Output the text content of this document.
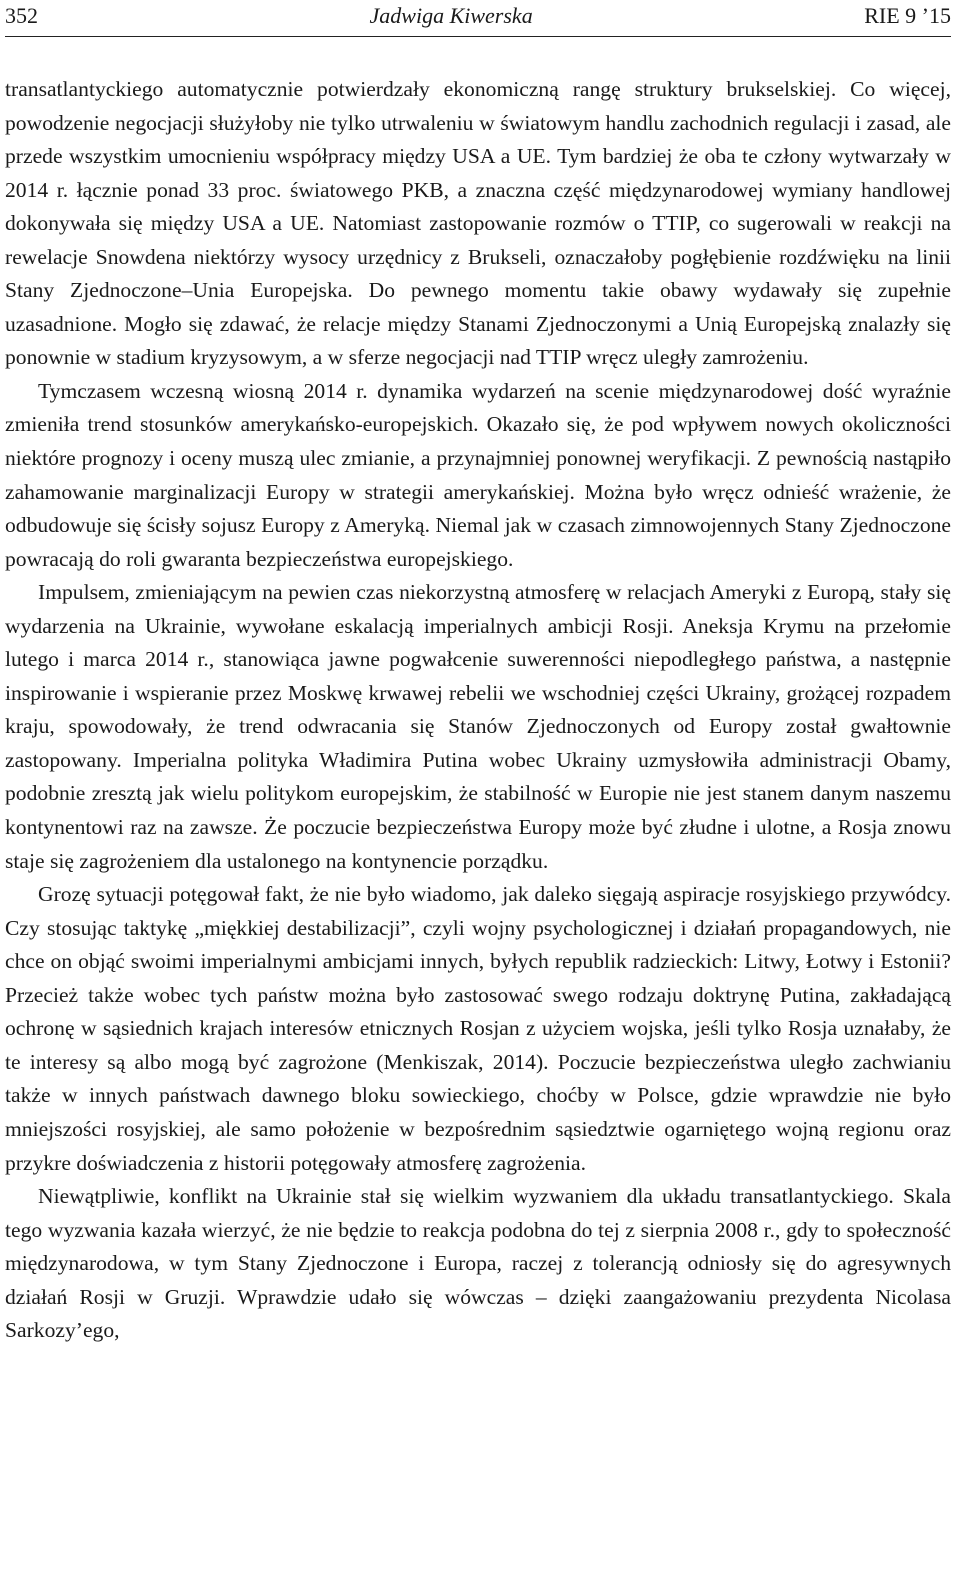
352	Jadwiga Kiwerska	RIE 9 ’15

transatlantyckiego automatycznie potwierdzały ekonomiczną rangę struktury brukselskiej. Co więcej, powodzenie negocjacji służyłoby nie tylko utrwaleniu w światowym handlu zachodnich regulacji i zasad, ale przede wszystkim umocnieniu współpracy między USA a UE. Tym bardziej że oba te człony wytwarzały w 2014 r. łącznie ponad 33 proc. światowego PKB, a znaczna część międzynarodowej wymiany handlowej dokonywała się między USA a UE. Natomiast zastopowanie rozmów o TTIP, co sugerowali w reakcji na rewelacje Snowdena niektórzy wysocy urzędnicy z Brukseli, oznaczałoby pogłębienie rozdźwięku na linii Stany Zjednoczone–Unia Europejska. Do pewnego momentu takie obawy wydawały się zupełnie uzasadnione. Mogło się zdawać, że relacje między Stanami Zjednoczonymi a Unią Europejską znalazły się ponownie w stadium kryzysowym, a w sferze negocjacji nad TTIP wręcz uległy zamrożeniu.

Tymczasem wczesną wiosną 2014 r. dynamika wydarzeń na scenie międzynarodowej dość wyraźnie zmieniła trend stosunków amerykańsko-europejskich. Okazało się, że pod wpływem nowych okoliczności niektóre prognozy i oceny muszą ulec zmianie, a przynajmniej ponownej weryfikacji. Z pewnością nastąpiło zahamowanie marginalizacji Europy w strategii amerykańskiej. Można było wręcz odnieść wrażenie, że odbudowuje się ścisły sojusz Europy z Ameryką. Niemal jak w czasach zimnowojennych Stany Zjednoczone powracają do roli gwaranta bezpieczeństwa europejskiego.

Impulsem, zmieniającym na pewien czas niekorzystną atmosferę w relacjach Ameryki z Europą, stały się wydarzenia na Ukrainie, wywołane eskalacją imperialnych ambicji Rosji. Aneksja Krymu na przełomie lutego i marca 2014 r., stanowiąca jawne pogwałcenie suwerenności niepodległego państwa, a następnie inspirowanie i wspieranie przez Moskwę krwawej rebelii we wschodniej części Ukrainy, grożącej rozpadem kraju, spowodowały, że trend odwracania się Stanów Zjednoczonych od Europy został gwałtownie zastopowany. Imperialna polityka Władimira Putina wobec Ukrainy uzmysłowiła administracji Obamy, podobnie zresztą jak wielu politykom europejskim, że stabilność w Europie nie jest stanem danym naszemu kontynentowi raz na zawsze. Że poczucie bezpieczeństwa Europy może być złudne i ulotne, a Rosja znowu staje się zagrożeniem dla ustalonego na kontynencie porządku.

Grozę sytuacji potęgował fakt, że nie było wiadomo, jak daleko sięgają aspiracje rosyjskiego przywódcy. Czy stosując taktykę „miękkiej destabilizacji”, czyli wojny psychologicznej i działań propagandowych, nie chce on objąć swoimi imperialnymi ambicjami innych, byłych republik radzieckich: Litwy, Łotwy i Estonii? Przecież także wobec tych państw można było zastosować swego rodzaju doktrynę Putina, zakładającą ochronę w sąsiednich krajach interesów etnicznych Rosjan z użyciem wojska, jeśli tylko Rosja uznałaby, że te interesy są albo mogą być zagrożone (Menkiszak, 2014). Poczucie bezpieczeństwa uległo zachwianiu także w innych państwach dawnego bloku sowieckiego, choćby w Polsce, gdzie wprawdzie nie było mniejszości rosyjskiej, ale samo położenie w bezpośrednim sąsiedztwie ogarniętego wojną regionu oraz przykre doświadczenia z historii potęgowały atmosferę zagrożenia.

Niewątpliwie, konflikt na Ukrainie stał się wielkim wyzwaniem dla układu transatlantyckiego. Skala tego wyzwania kazała wierzyć, że nie będzie to reakcja podobna do tej z sierpnia 2008 r., gdy to społeczność międzynarodowa, w tym Stany Zjednoczone i Europa, raczej z tolerancją odniosły się do agresywnych działań Rosji w Gruzji. Wprawdzie udało się wówczas – dzięki zaangażowaniu prezydenta Nicolasa Sarkozy’ego,
